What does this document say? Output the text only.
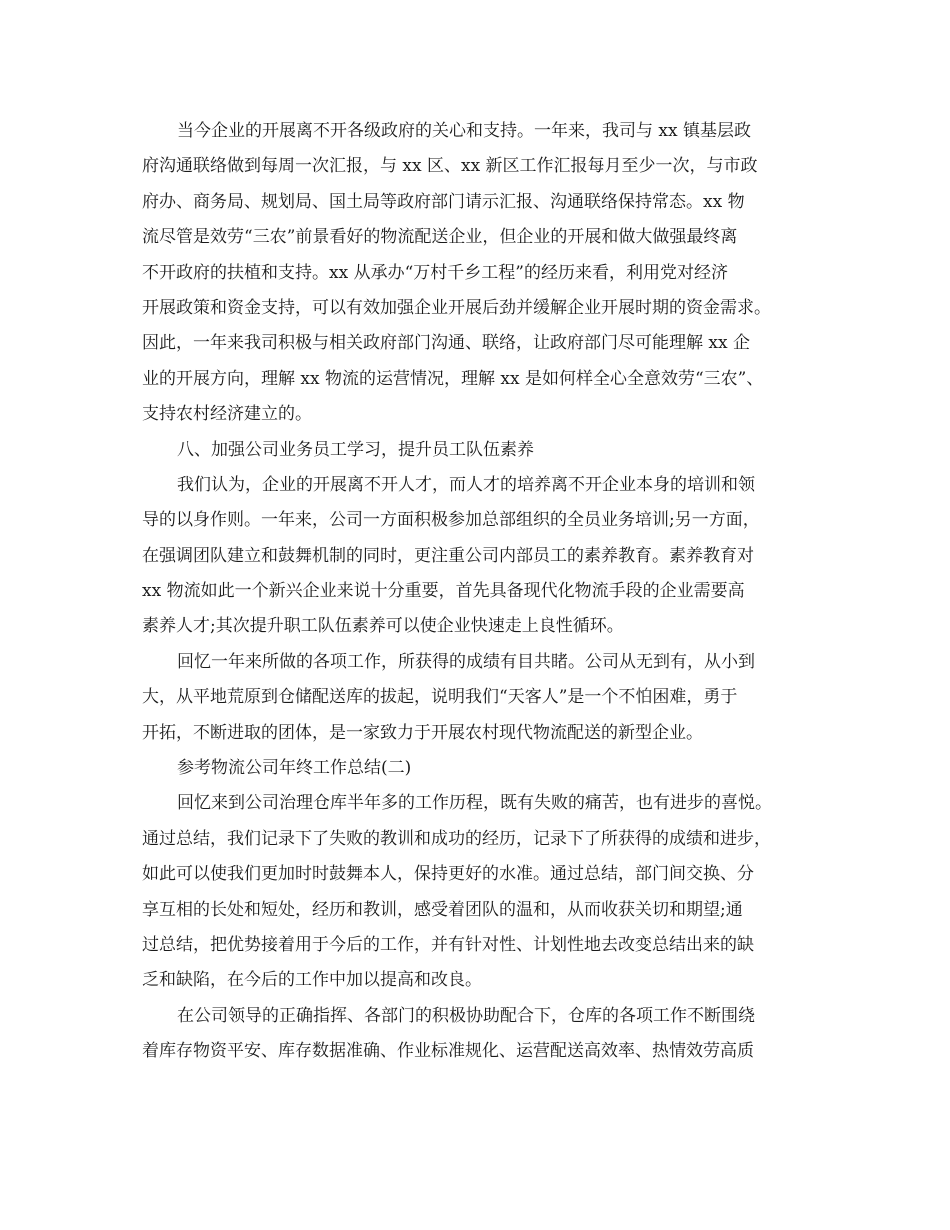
当今企业的开展离不开各级政府的关心和支持。一年来，我司与 xx 镇基层政
府沟通联络做到每周一次汇报，与 xx 区、xx 新区工作汇报每月至少一次，与市政
府办、商务局、规划局、国土局等政府部门请示汇报、沟通联络保持常态。xx 物
流尽管是效劳“三农”前景看好的物流配送企业，但企业的开展和做大做强最终离
不开政府的扶植和支持。xx 从承办“万村千乡工程”的经历来看，利用党对经济
开展政策和资金支持，可以有效加强企业开展后劲并缓解企业开展时期的资金需求。
因此，一年来我司积极与相关政府部门沟通、联络，让政府部门尽可能理解 xx 企
业的开展方向，理解 xx 物流的运营情况，理解 xx 是如何样全心全意效劳“三农”、
支持农村经济建立的。
八、加强公司业务员工学习，提升员工队伍素养
我们认为，企业的开展离不开人才，而人才的培养离不开企业本身的培训和领
导的以身作则。一年来，公司一方面积极参加总部组织的全员业务培训;另一方面，
在强调团队建立和鼓舞机制的同时，更注重公司内部员工的素养教育。素养教育对
xx 物流如此一个新兴企业来说十分重要，首先具备现代化物流手段的企业需要高
素养人才;其次提升职工队伍素养可以使企业快速走上良性循环。
回忆一年来所做的各项工作，所获得的成绩有目共睹。公司从无到有，从小到
大，从平地荒原到仓储配送库的拔起，说明我们“天客人”是一个不怕困难，勇于
开拓，不断进取的团体，是一家致力于开展农村现代物流配送的新型企业。
参考物流公司年终工作总结(二)
回忆来到公司治理仓库半年多的工作历程，既有失败的痛苦，也有进步的喜悦。
通过总结，我们记录下了失败的教训和成功的经历，记录下了所获得的成绩和进步，
如此可以使我们更加时时鼓舞本人，保持更好的水准。通过总结，部门间交换、分
享互相的长处和短处，经历和教训，感受着团队的温和，从而收获关切和期望;通
过总结，把优势接着用于今后的工作，并有针对性、计划性地去改变总结出来的缺
乏和缺陷，在今后的工作中加以提高和改良。
在公司领导的正确指挥、各部门的积极协助配合下，仓库的各项工作不断围绕
着库存物资平安、库存数据准确、作业标准规化、运营配送高效率、热情效劳高质
